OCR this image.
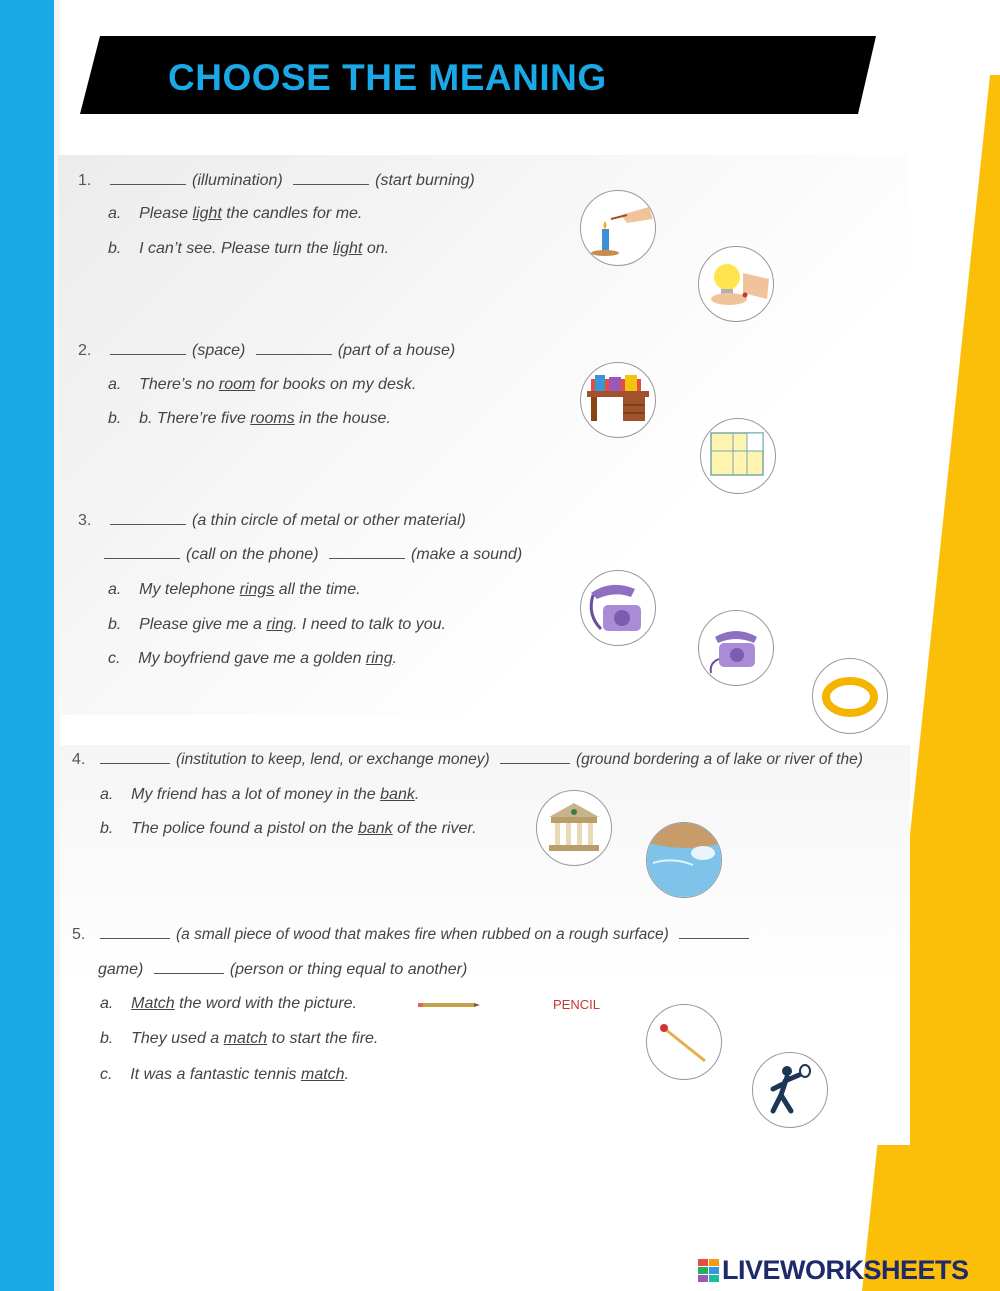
CHOOSE THE MEANING
1.	(illumination)	(start burning)
a. Please light the candles for me.
b. I can’t see. Please turn the light on.
2.	(space)	(part of a house)
a. There’s no room for books on my desk.
b. b. There’re five rooms in the house.
3.	(a thin circle of metal or other material)
(call on the phone)	(make a sound)
a. My telephone rings all the time.
b. Please give me a ring. I need to talk to you.
c. My boyfriend gave me a golden ring.
4.	(institution to keep, lend, or exchange money)	(ground bordering a of lake or river of the)
a. My friend has a lot of money in the bank.
b. The police found a pistol on the bank of the river.
5.	(a small piece of wood that makes fire when rubbed on a rough surface)
game)	(person or thing equal to another)
a. Match the word with the picture.
b. They used a match to start the fire.
c. It was a fantastic tennis match.
PENCIL
LIVEWORKSHEETS
